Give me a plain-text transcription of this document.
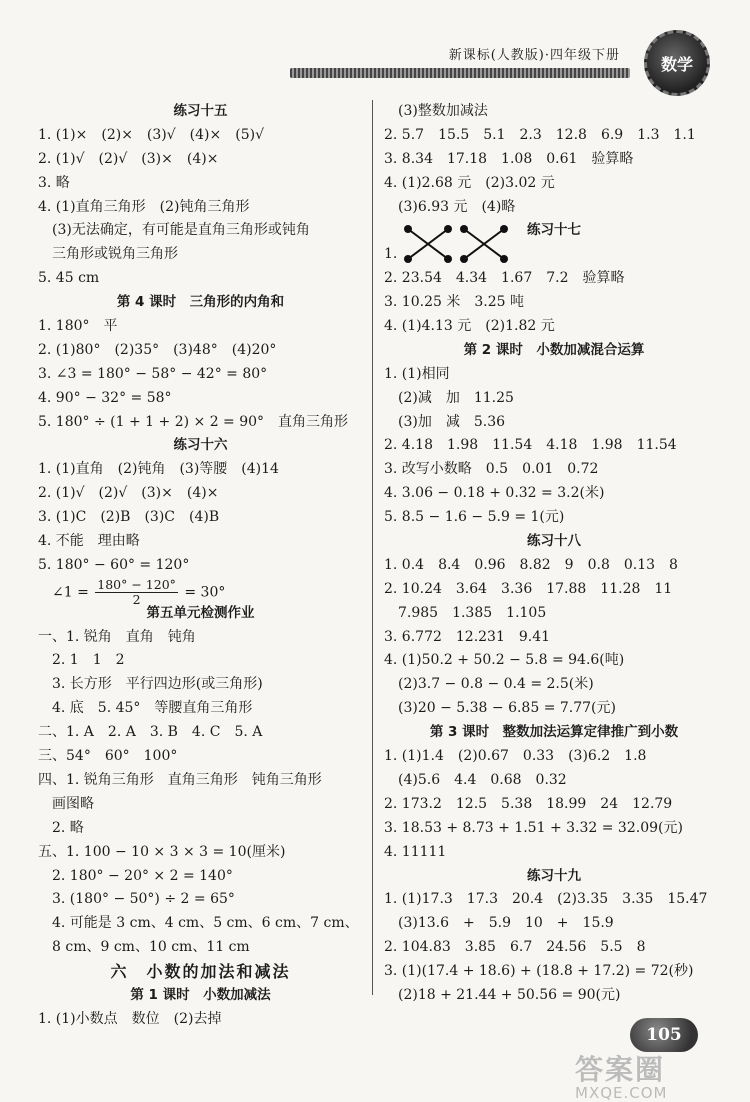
新课标(人教版)·四年级下册	数学
练习十五
1. (1)×　(2)×　(3)√　(4)×　(5)√
2. (1)√　(2)√　(3)×　(4)×
3. 略
4. (1)直角三角形　(2)钝角三角形
　(3)无法确定，有可能是直角三角形或钝角
　三角形或锐角三角形
5. 45 cm
第 4 课时　三角形的内角和
1. 180°　平
2. (1)80°　(2)35°　(3)48°　(4)20°
3. ∠3 = 180° − 58° − 42° = 80°
4. 90° − 32° = 58°
5. 180° ÷ (1 + 1 + 2) × 2 = 90°　直角三角形
练习十六
1. (1)直角　(2)钝角　(3)等腰　(4)14
2. (1)√　(2)√　(3)×　(4)×
3. (1)C　(2)B　(3)C　(4)B
4. 不能　理由略
5. 180° − 60° = 120°
　∠1 = $\frac{180^\circ - 120^\circ}{2} = 30^\circ$
第五单元检测作业
一、1. 锐角　直角　钝角
　2. 1　1　2
　3. 长方形　平行四边形(或三角形)
　4. 底　5. 45°　等腰直角三角形
二、1. A　2. A　3. B　4. C　5. A
三、54°　60°　100°
四、1. 锐角三角形　直角三角形　钝角三角形
　画图略
　2. 略
五、1. 100 − 10 × 3 × 3 = 10(厘米)
　2. 180° − 20° × 2 = 140°
　3. (180° − 50°) ÷ 2 = 65°
　4. 可能是 3 cm、4 cm、5 cm、6 cm、7 cm、
　8 cm、9 cm、10 cm、11 cm
六　小数的加法和减法
第 1 课时　小数加减法
1. (1)小数点　数位　(2)去掉
　(3)整数加减法
2. 5.7　15.5　5.1　2.3　12.8　6.9　1.3　1.1
3. 8.34　17.18　1.08　0.61　验算略
4. (1)2.68 元　(2)3.02 元
　(3)6.93 元　(4)略
练习十七
1.
2. 23.54　4.34　1.67　7.2　验算略
3. 10.25 米　3.25 吨
4. (1)4.13 元　(2)1.82 元
第 2 课时　小数加减混合运算
1. (1)相同
　(2)减　加　11.25
　(3)加　减　5.36
2. 4.18　1.98　11.54　4.18　1.98　11.54
3. 改写小数略　0.5　0.01　0.72
4. 3.06 − 0.18 + 0.32 = 3.2(米)
5. 8.5 − 1.6 − 5.9 = 1(元)
练习十八
1. 0.4　8.4　0.96　8.82　9　0.8　0.13　8
2. 10.24　3.64　3.36　17.88　11.28　11
　7.985　1.385　1.105
3. 6.772　12.231　9.41
4. (1)50.2 + 50.2 − 5.8 = 94.6(吨)
　(2)3.7 − 0.8 − 0.4 = 2.5(米)
　(3)20 − 5.38 − 6.85 = 7.77(元)
第 3 课时　整数加法运算定律推广到小数
1. (1)1.4　(2)0.67　0.33　(3)6.2　1.8
　(4)5.6　4.4　0.68　0.32
2. 173.2　12.5　5.38　18.99　24　12.79
3. 18.53 + 8.73 + 1.51 + 3.32 = 32.09(元)
4. 11111
练习十九
1. (1)17.3　17.3　20.4　(2)3.35　3.35　15.47
　(3)13.6　+　5.9　10　+　15.9
2. 104.83　3.85　6.7　24.56　5.5　8
3. (1)(17.4 + 18.6) + (18.8 + 17.2) = 72(秒)
　(2)18 + 21.44 + 50.56 = 90(元)
105
答案圈
MXQE.COM
